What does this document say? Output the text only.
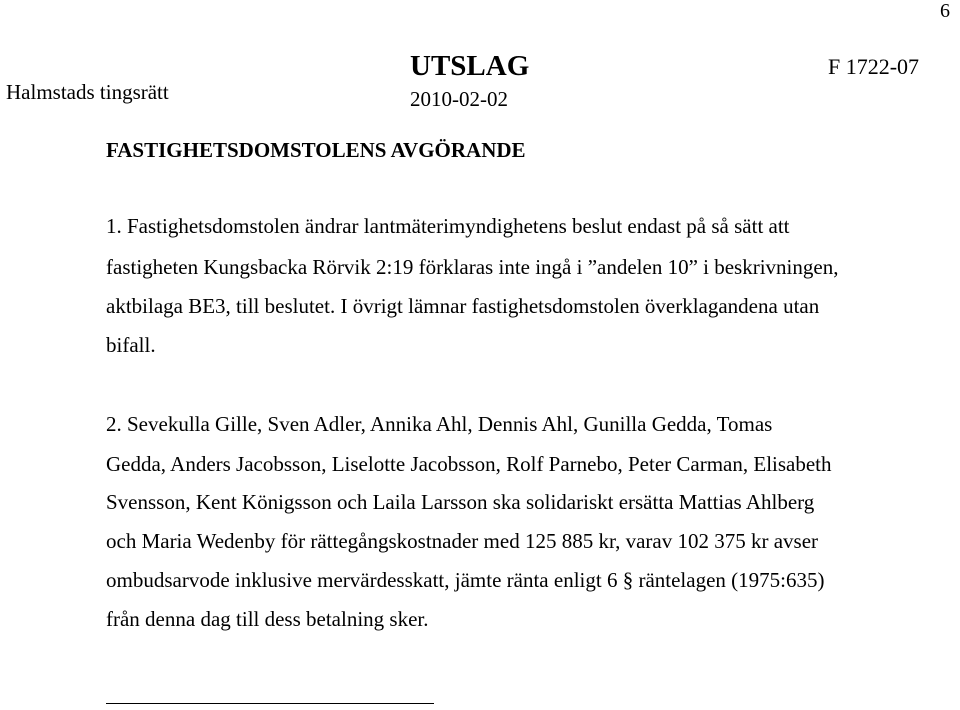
6
Halmstads tingsrätt
UTSLAG
2010-02-02
F 1722-07
FASTIGHETSDOMSTOLENS AVGÖRANDE
1. Fastighetsdomstolen ändrar lantmäterimyndighetens beslut endast på så sätt att
fastigheten Kungsbacka Rörvik 2:19 förklaras inte ingå i ”andelen 10” i beskrivningen,
aktbilaga BE3, till beslutet. I övrigt lämnar fastighetsdomstolen överklagandena utan
bifall.
2. Sevekulla Gille, Sven Adler, Annika Ahl, Dennis Ahl, Gunilla Gedda, Tomas
Gedda, Anders Jacobsson, Liselotte Jacobsson, Rolf Parnebo, Peter Carman, Elisabeth
Svensson, Kent Königsson och Laila Larsson ska solidariskt ersätta Mattias Ahlberg
och Maria Wedenby för rättegångskostnader med 125 885 kr, varav 102 375 kr avser
ombudsarvode inklusive mervärdesskatt, jämte ränta enligt 6 § räntelagen (1975:635)
från denna dag till dess betalning sker.
